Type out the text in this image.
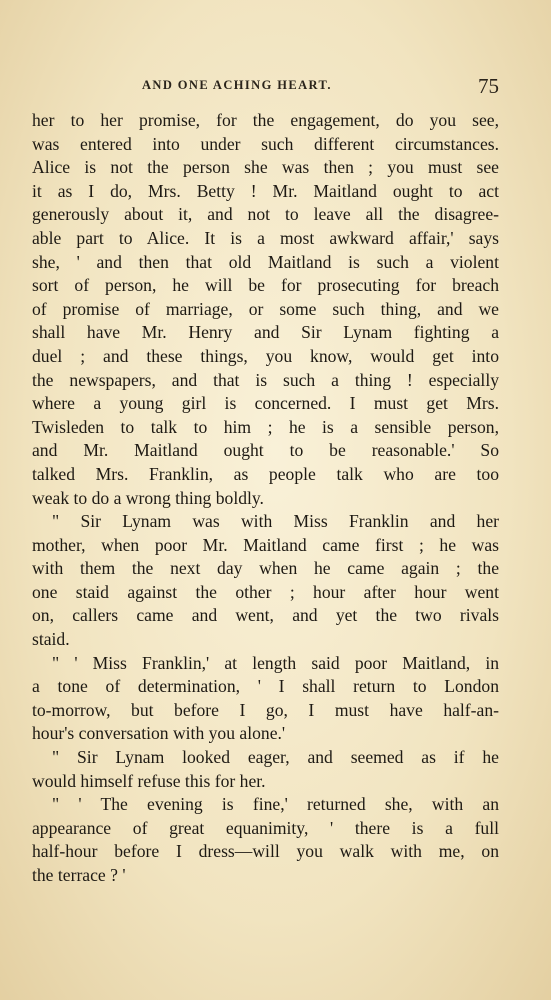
AND ONE ACHING HEART.	75
her to her promise, for the engagement, do you see,
was entered into under such different circumstances.
Alice is not the person she was then ; you must see
it as I do, Mrs. Betty ! Mr. Maitland ought to act
generously about it, and not to leave all the disagree-
able part to Alice. It is a most awkward affair,' says
she, ' and then that old Maitland is such a violent
sort of person, he will be for prosecuting for breach
of promise of marriage, or some such thing, and we
shall have Mr. Henry and Sir Lynam fighting a
duel ; and these things, you know, would get into
the newspapers, and that is such a thing ! especially
where a young girl is concerned. I must get Mrs.
Twisleden to talk to him ; he is a sensible person,
and Mr. Maitland ought to be reasonable.' So
talked Mrs. Franklin, as people talk who are too
weak to do a wrong thing boldly.
" Sir Lynam was with Miss Franklin and her
mother, when poor Mr. Maitland came first ; he was
with them the next day when he came again ; the
one staid against the other ; hour after hour went
on, callers came and went, and yet the two rivals
staid.
" ' Miss Franklin,' at length said poor Maitland, in
a tone of determination, ' I shall return to London
to-morrow, but before I go, I must have half-an-
hour's conversation with you alone.'
" Sir Lynam looked eager, and seemed as if he
would himself refuse this for her.
" ' The evening is fine,' returned she, with an
appearance of great equanimity, ' there is a full
half-hour before I dress—will you walk with me, on
the terrace ? '
